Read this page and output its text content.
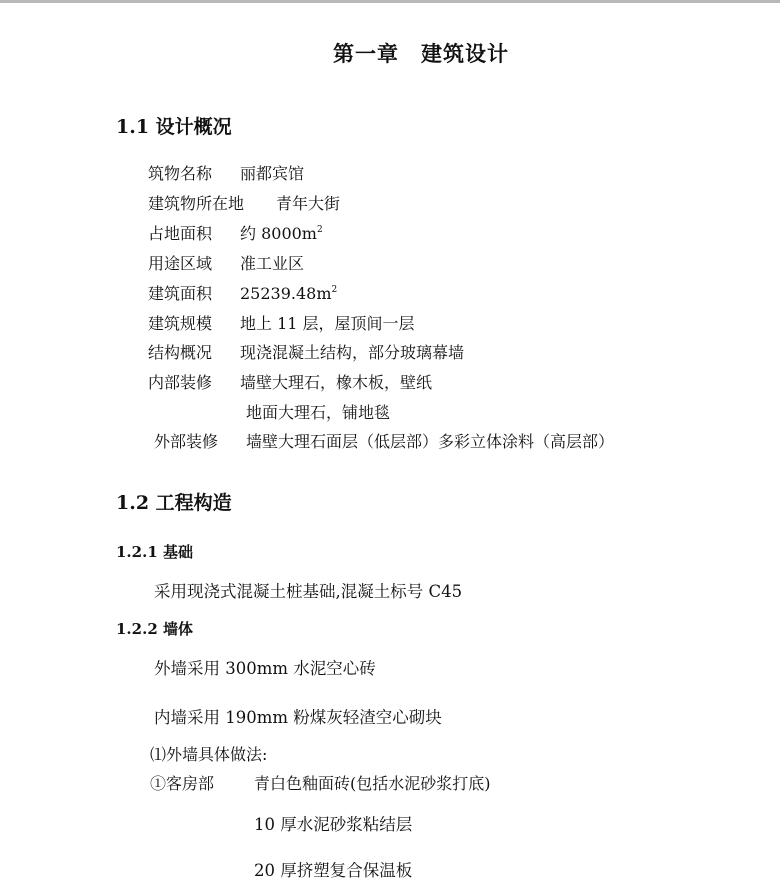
第一章　建筑设计
1.1 设计概况
筑物名称 丽都宾馆
建筑物所在地 青年大街
占地面积 约 $8000m^2$
用途区域 准工业区
建筑面积 $25239.48m^2$
建筑规模 地上 11 层，屋顶间一层
结构概况 现浇混凝土结构，部分玻璃幕墙
内部装修 墙壁大理石，橡木板，壁纸
地面大理石，铺地毯
外部装修 墙壁大理石面层（低层部）多彩立体涂料（高层部）
1.2 工程构造
1.2.1 基础
采用现浇式混凝土桩基础,混凝土标号 C45
1.2.2 墙体
外墙采用 300mm 水泥空心砖
内墙采用 190mm 粉煤灰轻渣空心砌块
⑴外墙具体做法:
①客房部 青白色釉面砖(包括水泥砂浆打底)
10 厚水泥砂浆粘结层
20 厚挤塑复合保温板
